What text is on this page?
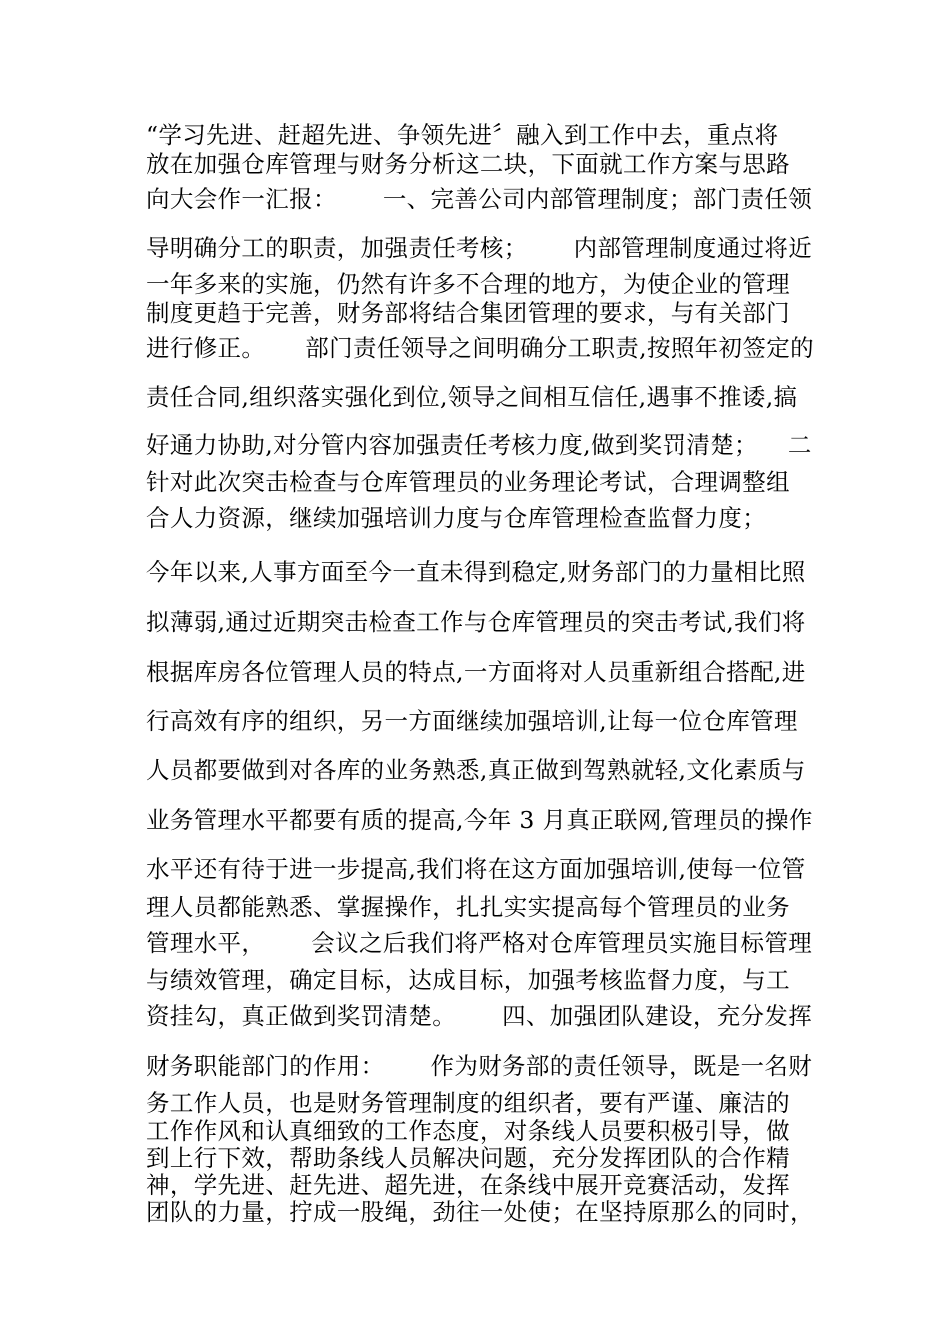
“学习先进、赶超先进、争领先进〞融入到工作中去，重点将
放在加强仓库管理与财务分析这二块，下面就工作方案与思路
向大会作一汇报： 一、完善公司内部管理制度；部门责任领
导明确分工的职责，加强责任考核； 内部管理制度通过将近
一年多来的实施，仍然有许多不合理的地方，为使企业的管理
制度更趋于完善，财务部将结合集团管理的要求，与有关部门
进行修正。 部门责任领导之间明确分工职责,按照年初签定的
责任合同,组织落实强化到位,领导之间相互信任,遇事不推诿,搞
好通力协助,对分管内容加强责任考核力度,做到奖罚清楚； 二
针对此次突击检查与仓库管理员的业务理论考试，合理调整组
合人力资源，继续加强培训力度与仓库管理检查监督力度；
今年以来,人事方面至今一直未得到稳定,财务部门的力量相比照
拟薄弱,通过近期突击检查工作与仓库管理员的突击考试,我们将
根据库房各位管理人员的特点,一方面将对人员重新组合搭配,进
行高效有序的组织，另一方面继续加强培训,让每一位仓库管理
人员都要做到对各库的业务熟悉,真正做到驾熟就轻,文化素质与
业务管理水平都要有质的提高,今年 3 月真正联网,管理员的操作
水平还有待于进一步提高,我们将在这方面加强培训,使每一位管
理人员都能熟悉、掌握操作，扎扎实实提高每个管理员的业务
管理水平， 会议之后我们将严格对仓库管理员实施目标管理
与绩效管理，确定目标，达成目标，加强考核监督力度，与工
资挂勾，真正做到奖罚清楚。 四、加强团队建设，充分发挥
财务职能部门的作用： 作为财务部的责任领导，既是一名财
务工作人员，也是财务管理制度的组织者，要有严谨、廉洁的
工作作风和认真细致的工作态度，对条线人员要积极引导，做
到上行下效，帮助条线人员解决问题，充分发挥团队的合作精
神，学先进、赶先进、超先进，在条线中展开竞赛活动，发挥
团队的力量，拧成一股绳，劲往一处使；在坚持原那么的同时，
